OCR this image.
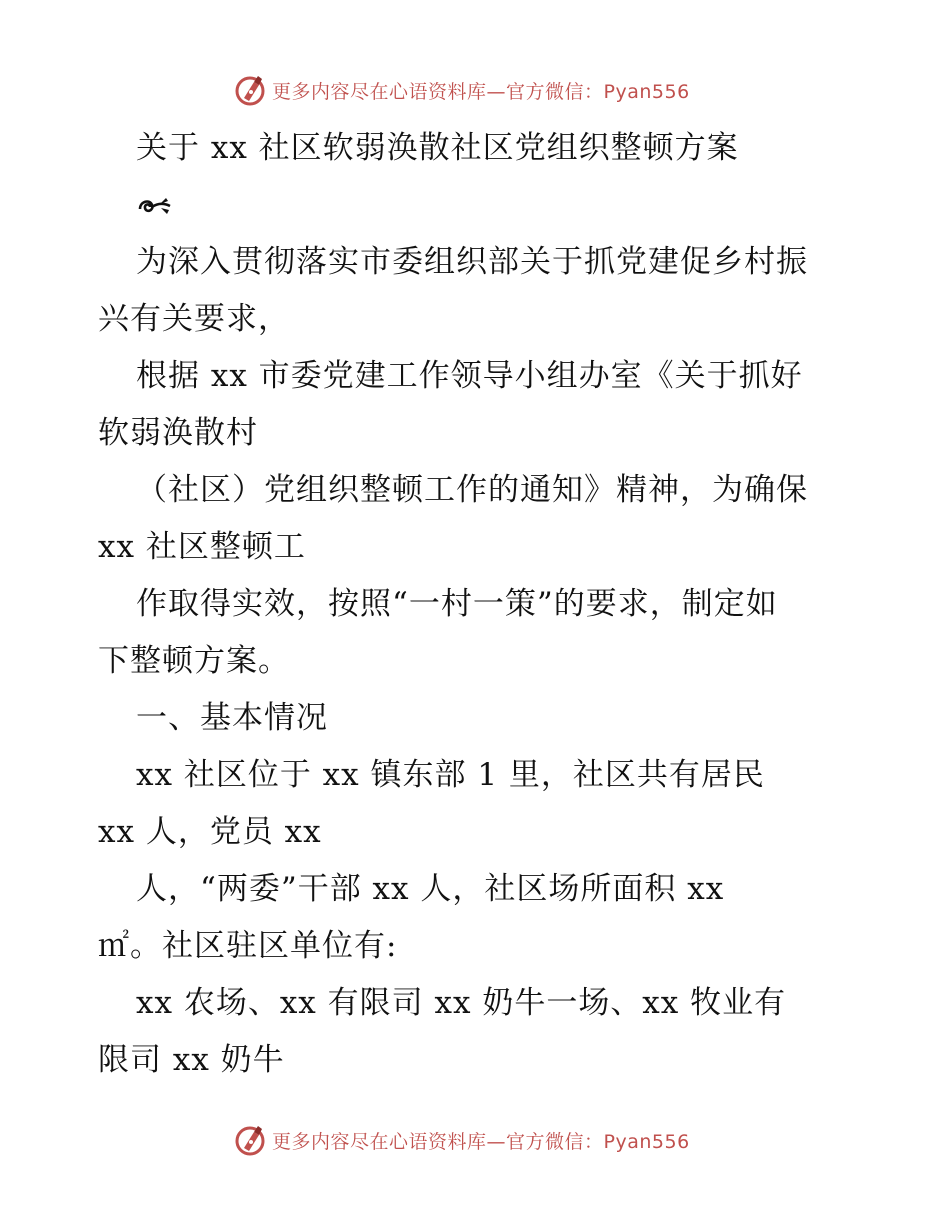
更多内容尽在心语资料库—官方微信：Pyan556
关于 xx 社区软弱涣散社区党组织整顿方案
为深入贯彻落实市委组织部关于抓党建促乡村振
兴有关要求，
根据 xx 市委党建工作领导小组办室《关于抓好
软弱涣散村
（社区）党组织整顿工作的通知》精神，为确保
xx 社区整顿工
作取得实效，按照“一村一策”的要求，制定如
下整顿方案。
一、基本情况
xx 社区位于 xx 镇东部 1 里，社区共有居民
xx 人，党员 xx
人，“两委”干部 xx 人，社区场所面积 xx
㎡。社区驻区单位有:
xx 农场、xx 有限司 xx 奶牛一场、xx 牧业有
限司 xx 奶牛
更多内容尽在心语资料库—官方微信：Pyan556
